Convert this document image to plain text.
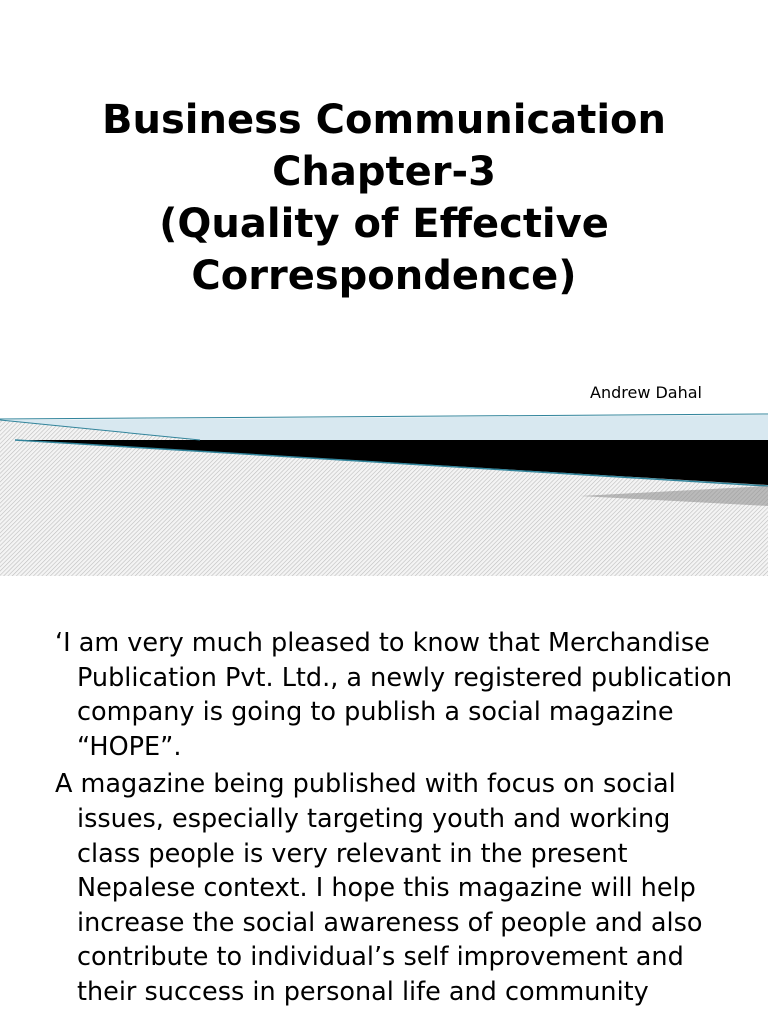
Business Communication
Chapter-3
(Quality of Effective
Correspondence)
Andrew Dahal

‘I am very much pleased to know that Merchandise Publication Pvt. Ltd., a newly registered publication company is going to publish a social magazine “HOPE”.

A magazine being published with focus on social issues, especially targeting youth and working class people is very relevant in the present Nepalese context. I hope this magazine will help increase the social awareness of people and also contribute to individual’s self improvement and their success in personal life and community
